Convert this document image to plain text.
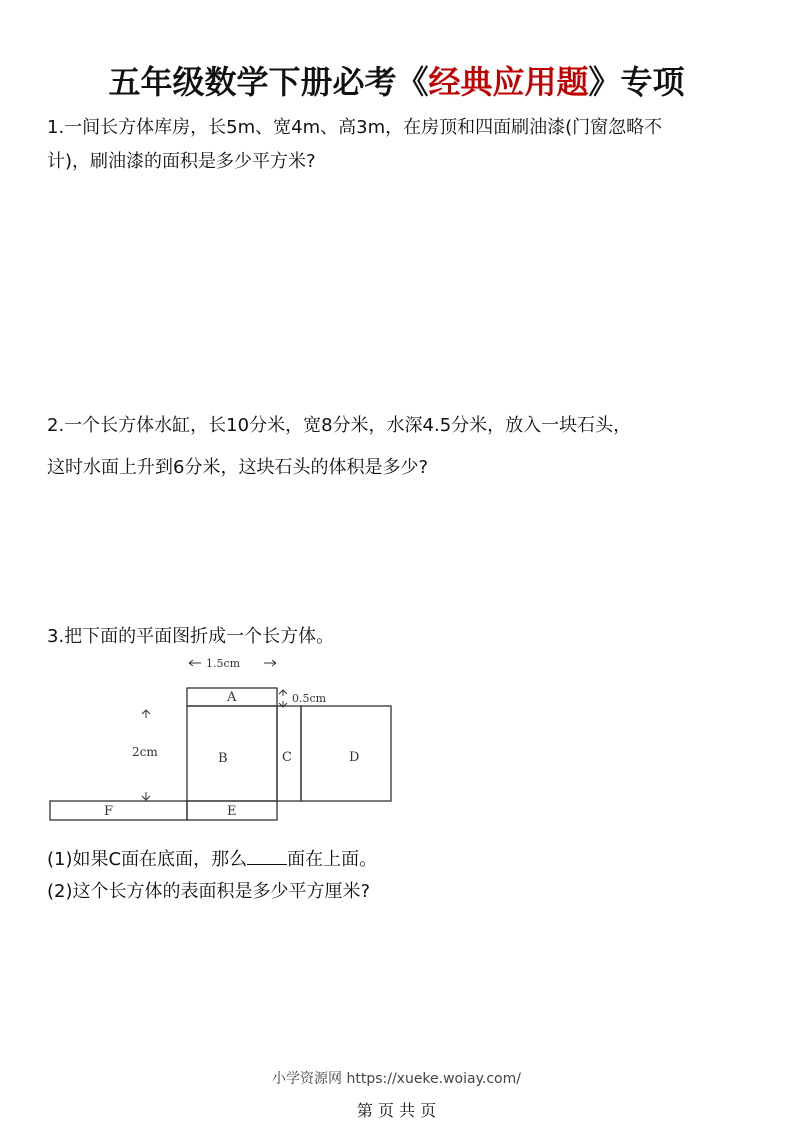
五年级数学下册必考《经典应用题》专项

1.一间长方体库房，长5m、宽4m、高3m，在房顶和四面刷油漆(门窗忽略不

计)，刷油漆的面积是多少平方米?

2.一个长方体水缸，长10分米，宽8分米，水深4.5分米，放入一块石头，

这时水面上升到6分米，这块石头的体积是多少?

3.把下面的平面图折成一个长方体。

1.5cm
0.5cm
2cm
A
B	C	D
E
F
(1)如果C面在底面，那么 面在上面。
(2)这个长方体的表面积是多少平方厘米?
小学资源网 https://xueke.woiay.com/
第 页 共 页
